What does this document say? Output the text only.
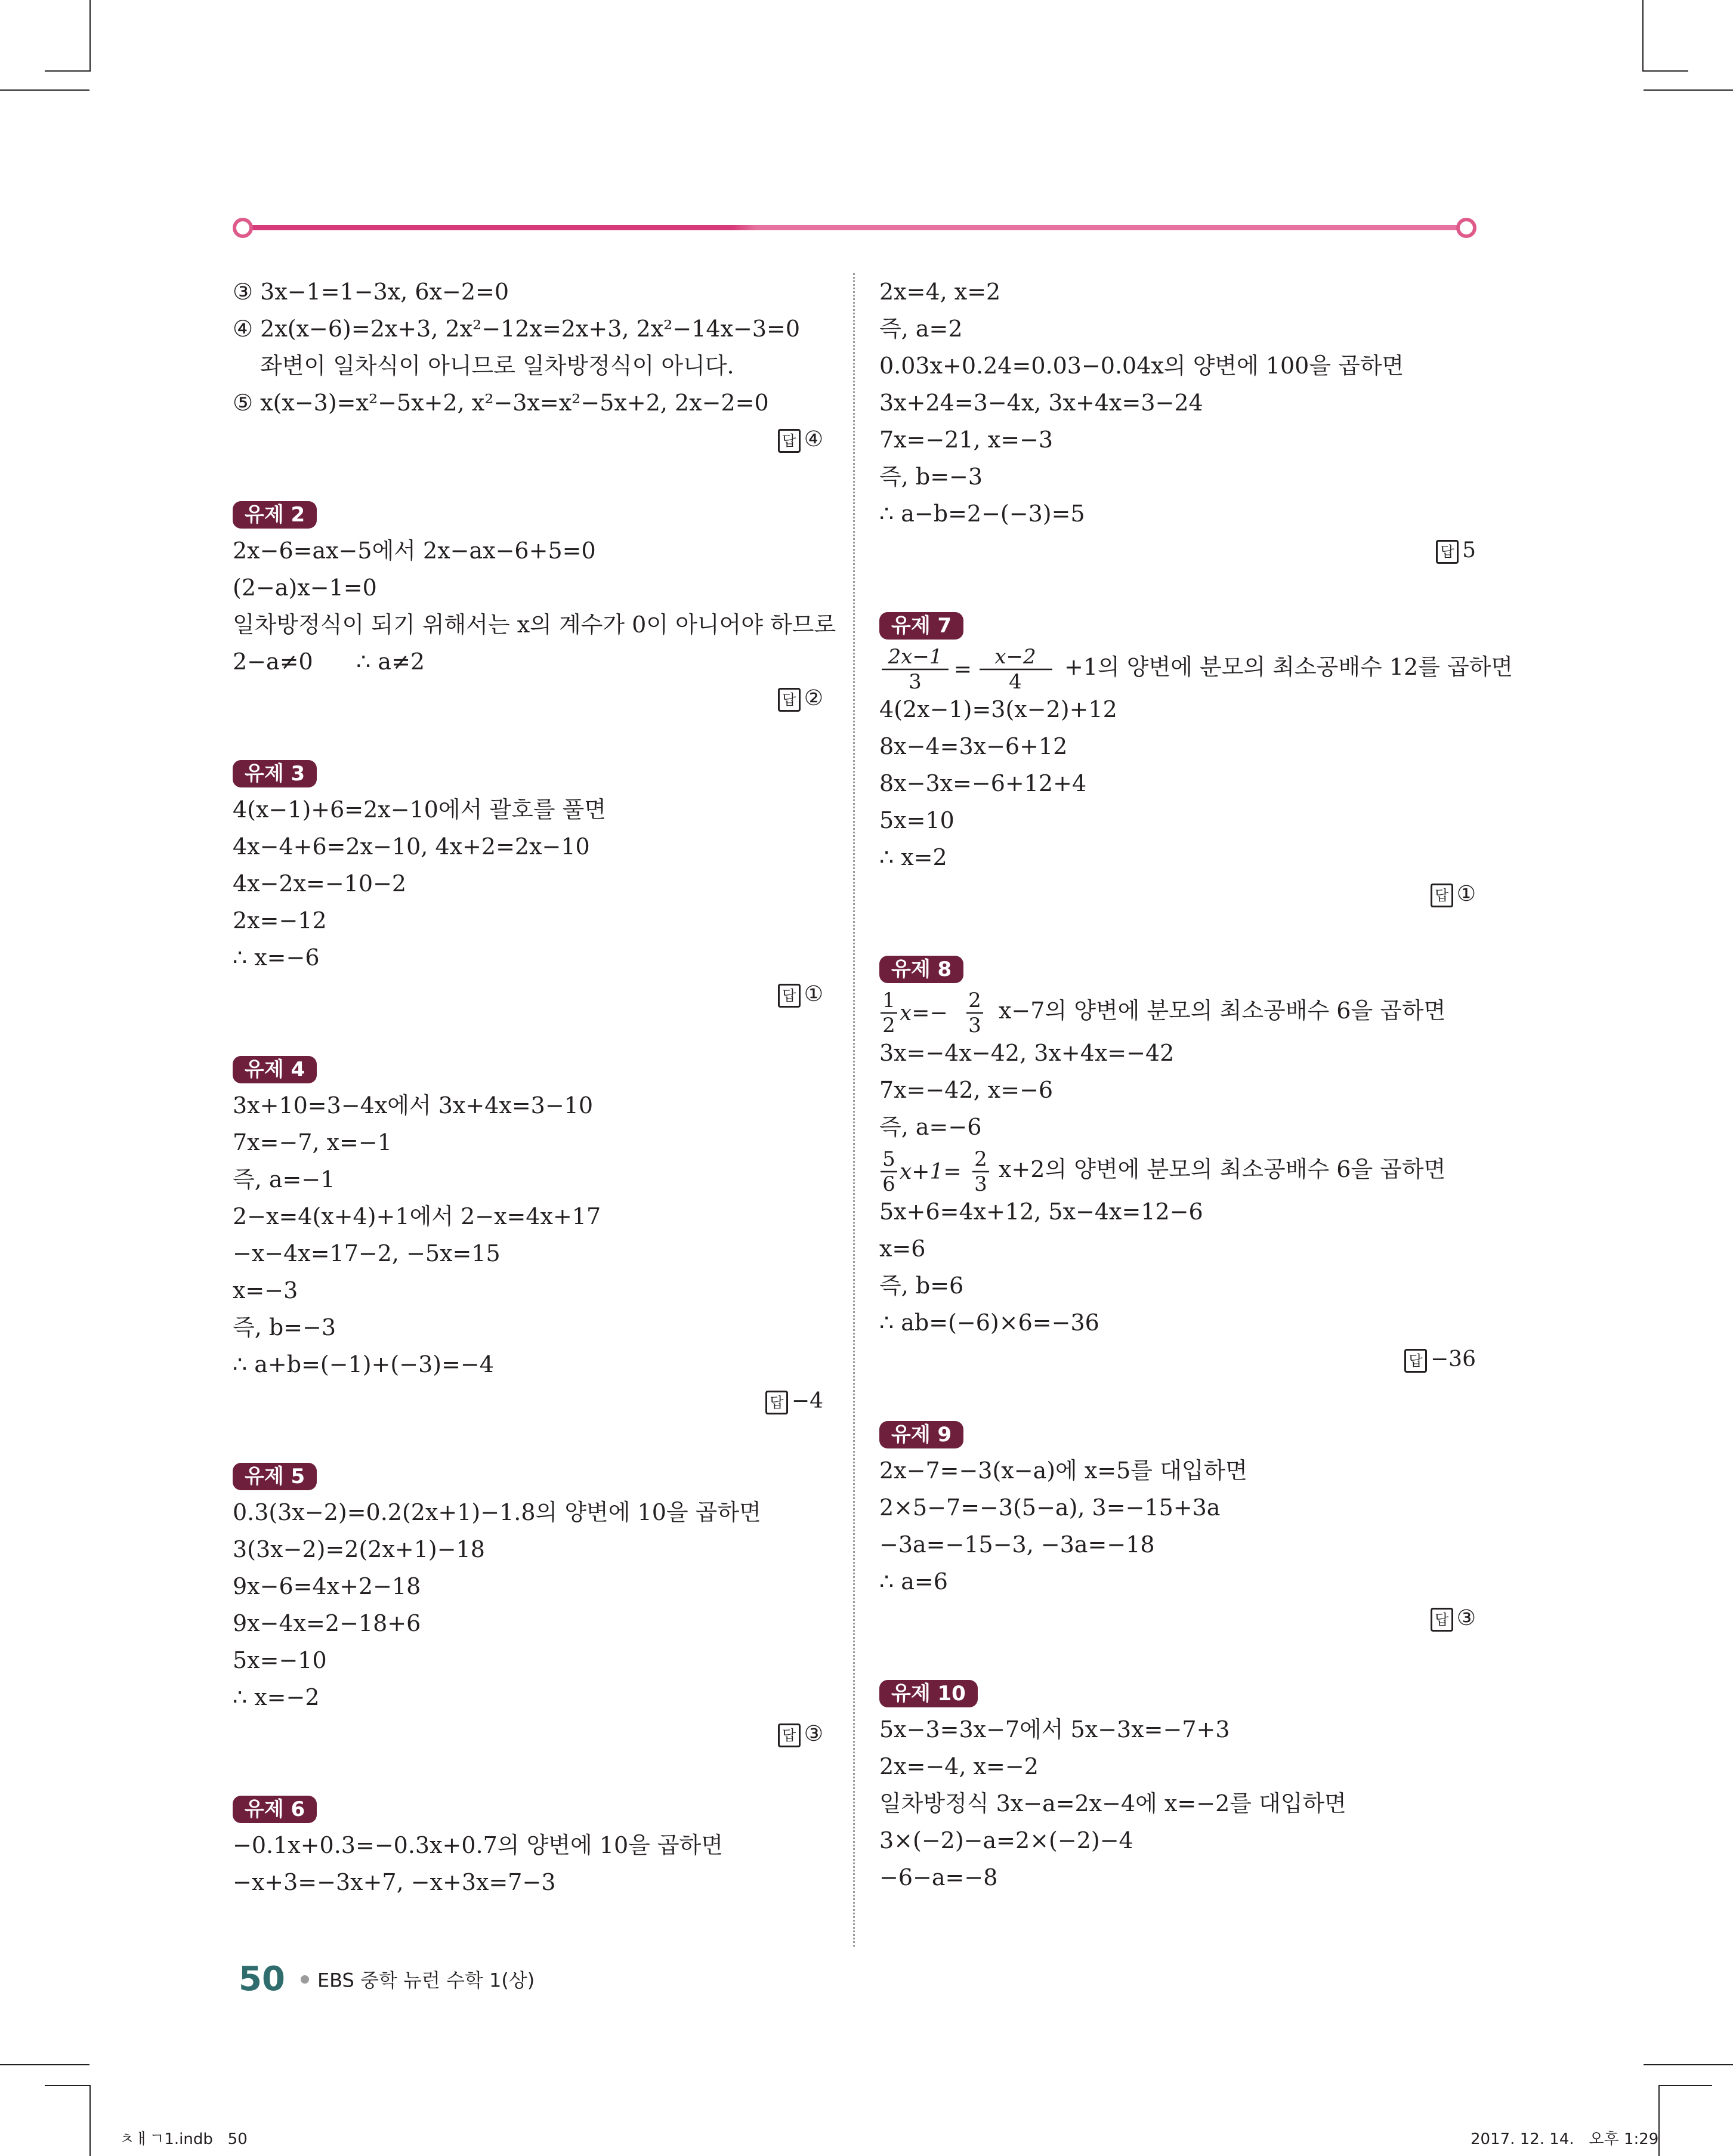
③ 3x−1=1−3x, 6x−2=0
④ 2x(x−6)=2x+3, 2x²−12x=2x+3, 2x²−14x−3=0
좌변이 일차식이 아니므로 일차방정식이 아니다.
⑤ x(x−3)=x²−5x+2, x²−3x=x²−5x+2, 2x−2=0
답 ④
유제 2
2x−6=ax−5에서 2x−ax−6+5=0
(2−a)x−1=0
일차방정식이 되기 위해서는 x의 계수가 0이 아니어야 하므로
2−a≠0      ∴ a≠2
답 ②
유제 3
4(x−1)+6=2x−10에서 괄호를 풀면
4x−4+6=2x−10, 4x+2=2x−10
4x−2x=−10−2
2x=−12
∴ x=−6
답 ①
유제 4
3x+10=3−4x에서 3x+4x=3−10
7x=−7, x=−1
즉, a=−1
2−x=4(x+4)+1에서 2−x=4x+17
−x−4x=17−2, −5x=15
x=−3
즉, b=−3
∴ a+b=(−1)+(−3)=−4
답 −4
유제 5
0.3(3x−2)=0.2(2x+1)−1.8의 양변에 10을 곱하면
3(3x−2)=2(2x+1)−18
9x−6=4x+2−18
9x−4x=2−18+6
5x=−10
∴ x=−2
답 ③
유제 6
−0.1x+0.3=−0.3x+0.7의 양변에 10을 곱하면
−x+3=−3x+7, −x+3x=7−3
2x=4, x=2
즉, a=2
0.03x+0.24=0.03−0.04x의 양변에 100을 곱하면
3x+24=3−4x, 3x+4x=3−24
7x=−21, x=−3
즉, b=−3
∴ a−b=2−(−3)=5
답 5
유제 7
2x−1
3 =
x−2
4
+1의 양변에 분모의 최소공배수 12를 곱하면
4(2x−1)=3(x−2)+12
8x−4=3x−6+12
8x−3x=−6+12+4
5x=10
∴ x=2
답 ①
유제 8
1
2 x=−
2
3
x−7의 양변에 분모의 최소공배수 6을 곱하면
3x=−4x−42, 3x+4x=−42
7x=−42, x=−6
즉, a=−6
5
6 x+1=
2
3
x+2의 양변에 분모의 최소공배수 6을 곱하면
5x+6=4x+12, 5x−4x=12−6
x=6
즉, b=6
∴ ab=(−6)×6=−36
답 −36
유제 9
2x−7=−3(x−a)에 x=5를 대입하면
2×5−7=−3(5−a), 3=−15+3a
−3a=−15−3, −3a=−18
∴ a=6
답 ③
유제 10
5x−3=3x−7에서 5x−3x=−7+3
2x=−4, x=−2
일차방정식 3x−a=2x−4에 x=−2를 대입하면
3×(−2)−a=2×(−2)−4
−6−a=−8
50 EBS 중학 뉴런 수학 1(상)
ㅊㅐㄱ1.indb   50	2017. 12. 14.   오후 1:29
